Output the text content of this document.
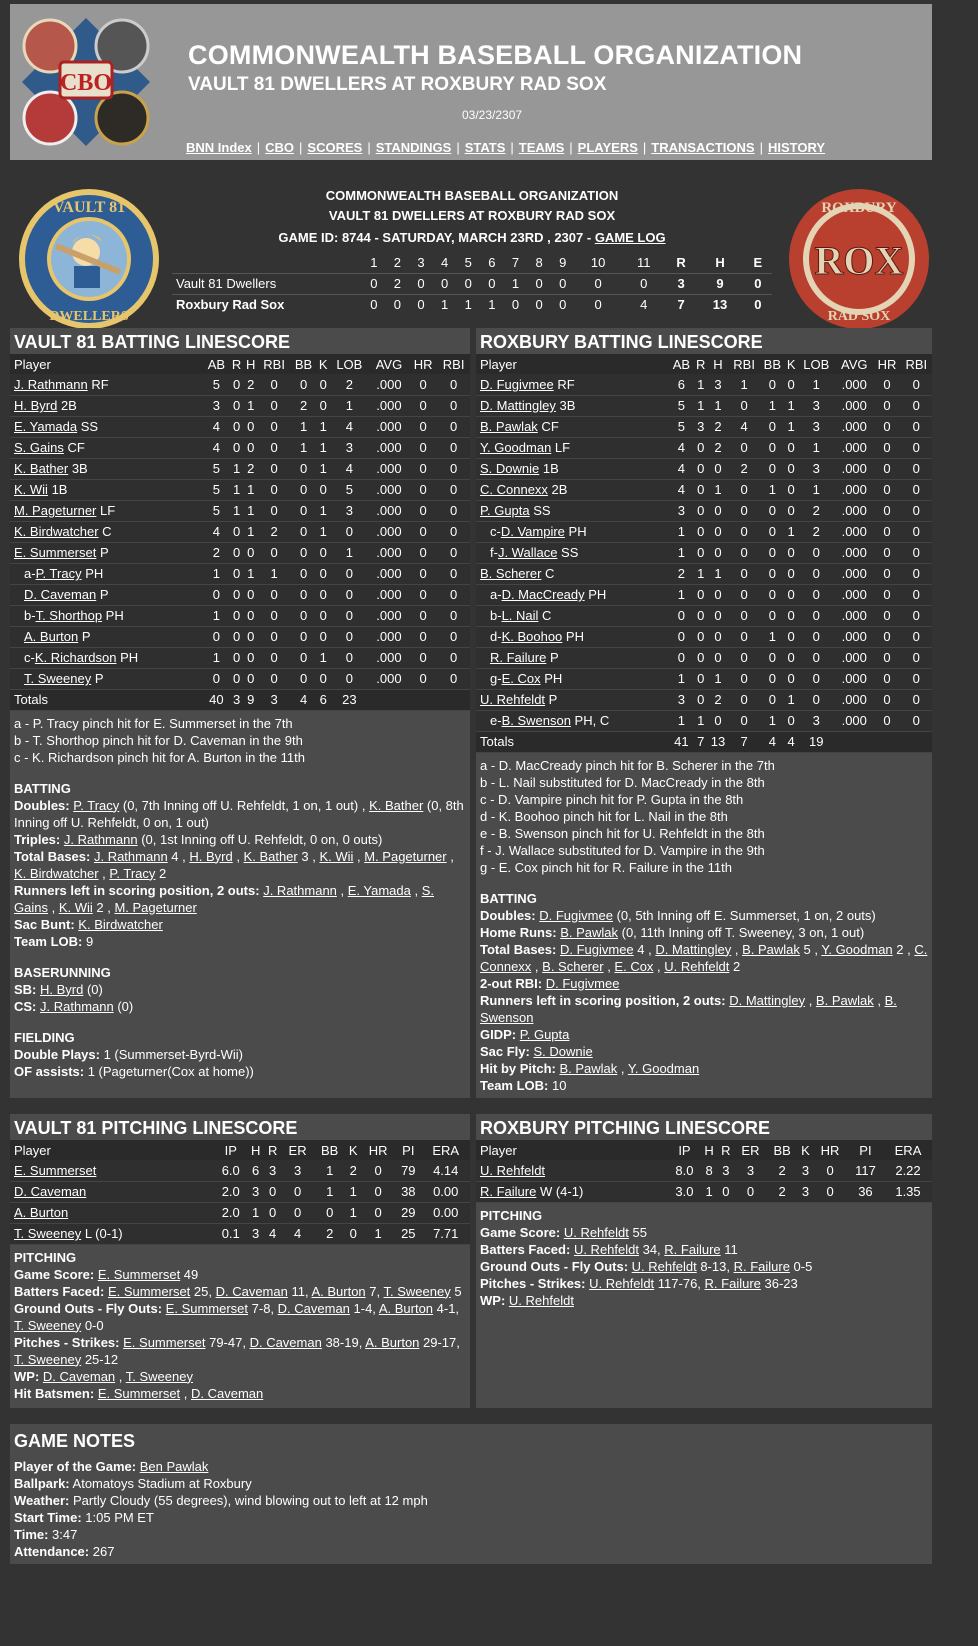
CBO
COMMONWEALTH BASEBALL ORGANIZATION
VAULT 81 DWELLERS AT ROXBURY RAD SOX
03/23/2307
BNN Index | CBO | SCORES | STANDINGS | STATS | TEAMS | PLAYERS | TRANSACTIONS | HISTORY
VAULT 81
DWELLERS
COMMONWEALTH BASEBALL ORGANIZATION
VAULT 81 DWELLERS AT ROXBURY RAD SOX
GAME ID: 8744 - SATURDAY, MARCH 23RD , 2307 - GAME LOG
	1	2	3	4	5	6	7	8	9	10	11	R	H	E
Vault 81 Dwellers	0	2	0	0	0	0	1	0	0	0	0	3	9	0
Roxbury Rad Sox	0	0	0	1	1	1	0	0	0	0	4	7	13	0
ROXBURY
ROX
RAD SOX
VAULT 81 BATTING LINESCORE
Player	AB	R	H	RBI	BB	K	LOB	AVG	HR	RBI
J. Rathmann RF	5	0	2	0	0	0	2	.000	0	0
H. Byrd 2B	3	0	1	0	2	0	1	.000	0	0
E. Yamada SS	4	0	0	0	1	1	4	.000	0	0
S. Gains CF	4	0	0	0	1	1	3	.000	0	0
K. Bather 3B	5	1	2	0	0	1	4	.000	0	0
K. Wii 1B	5	1	1	0	0	0	5	.000	0	0
M. Pageturner LF	5	1	1	0	0	1	3	.000	0	0
K. Birdwatcher C	4	0	1	2	0	1	0	.000	0	0
E. Summerset P	2	0	0	0	0	0	1	.000	0	0
a-P. Tracy PH	1	0	1	1	0	0	0	.000	0	0
D. Caveman P	0	0	0	0	0	0	0	.000	0	0
b-T. Shorthop PH	1	0	0	0	0	0	0	.000	0	0
A. Burton P	0	0	0	0	0	0	0	.000	0	0
c-K. Richardson PH	1	0	0	0	0	1	0	.000	0	0
T. Sweeney P	0	0	0	0	0	0	0	.000	0	0
Totals	40	3	9	3	4	6	23			
a - P. Tracy pinch hit for E. Summerset in the 7th
b - T. Shorthop pinch hit for D. Caveman in the 9th
c - K. Richardson pinch hit for A. Burton in the 11th
BATTING
Doubles: P. Tracy (0, 7th Inning off U. Rehfeldt, 1 on, 1 out) , K. Bather (0, 8th Inning off U. Rehfeldt, 0 on, 1 out)
Triples: J. Rathmann (0, 1st Inning off U. Rehfeldt, 0 on, 0 outs)
Total Bases: J. Rathmann 4 , H. Byrd , K. Bather 3 , K. Wii , M. Pageturner , K. Birdwatcher , P. Tracy 2
Runners left in scoring position, 2 outs: J. Rathmann , E. Yamada , S. Gains , K. Wii 2 , M. Pageturner
Sac Bunt: K. Birdwatcher
Team LOB: 9
BASERUNNING
SB: H. Byrd (0)
CS: J. Rathmann (0)
FIELDING
Double Plays: 1 (Summerset-Byrd-Wii)
OF assists: 1 (Pageturner(Cox at home))
ROXBURY BATTING LINESCORE
Player	AB	R	H	RBI	BB	K	LOB	AVG	HR	RBI
D. Fugivmee RF	6	1	3	1	0	0	1	.000	0	0
D. Mattingley 3B	5	1	1	0	1	1	3	.000	0	0
B. Pawlak CF	5	3	2	4	0	1	3	.000	0	0
Y. Goodman LF	4	0	2	0	0	0	1	.000	0	0
S. Downie 1B	4	0	0	2	0	0	3	.000	0	0
C. Connexx 2B	4	0	1	0	1	0	1	.000	0	0
P. Gupta SS	3	0	0	0	0	0	2	.000	0	0
c-D. Vampire PH	1	0	0	0	0	1	2	.000	0	0
f-J. Wallace SS	1	0	0	0	0	0	0	.000	0	0
B. Scherer C	2	1	1	0	0	0	0	.000	0	0
a-D. MacCready PH	1	0	0	0	0	0	0	.000	0	0
b-L. Nail C	0	0	0	0	0	0	0	.000	0	0
d-K. Boohoo PH	0	0	0	0	1	0	0	.000	0	0
R. Failure P	0	0	0	0	0	0	0	.000	0	0
g-E. Cox PH	1	0	1	0	0	0	0	.000	0	0
U. Rehfeldt P	3	0	2	0	0	1	0	.000	0	0
e-B. Swenson PH, C	1	1	0	0	1	0	3	.000	0	0
Totals	41	7	13	7	4	4	19			
a - D. MacCready pinch hit for B. Scherer in the 7th
b - L. Nail substituted for D. MacCready in the 8th
c - D. Vampire pinch hit for P. Gupta in the 8th
d - K. Boohoo pinch hit for L. Nail in the 8th
e - B. Swenson pinch hit for U. Rehfeldt in the 8th
f - J. Wallace substituted for D. Vampire in the 9th
g - E. Cox pinch hit for R. Failure in the 11th
BATTING
Doubles: D. Fugivmee (0, 5th Inning off E. Summerset, 1 on, 2 outs)
Home Runs: B. Pawlak (0, 11th Inning off T. Sweeney, 3 on, 1 out)
Total Bases: D. Fugivmee 4 , D. Mattingley , B. Pawlak 5 , Y. Goodman 2 , C. Connexx , B. Scherer , E. Cox , U. Rehfeldt 2
2-out RBI: D. Fugivmee
Runners left in scoring position, 2 outs: D. Mattingley , B. Pawlak , B. Swenson
GIDP: P. Gupta
Sac Fly: S. Downie
Hit by Pitch: B. Pawlak , Y. Goodman
Team LOB: 10
VAULT 81 PITCHING LINESCORE
Player	IP	H	R	ER	BB	K	HR	PI	ERA
E. Summerset	6.0	6	3	3	1	2	0	79	4.14
D. Caveman	2.0	3	0	0	1	1	0	38	0.00
A. Burton	2.0	1	0	0	0	1	0	29	0.00
T. Sweeney L (0-1)	0.1	3	4	4	2	0	1	25	7.71
PITCHING
Game Score: E. Summerset 49
Batters Faced: E. Summerset 25, D. Caveman 11, A. Burton 7, T. Sweeney 5
Ground Outs - Fly Outs: E. Summerset 7-8, D. Caveman 1-4, A. Burton 4-1, T. Sweeney 0-0
Pitches - Strikes: E. Summerset 79-47, D. Caveman 38-19, A. Burton 29-17, T. Sweeney 25-12
WP: D. Caveman , T. Sweeney
Hit Batsmen: E. Summerset , D. Caveman
ROXBURY PITCHING LINESCORE
Player	IP	H	R	ER	BB	K	HR	PI	ERA
U. Rehfeldt	8.0	8	3	3	2	3	0	117	2.22
R. Failure W (4-1)	3.0	1	0	0	2	3	0	36	1.35
PITCHING
Game Score: U. Rehfeldt 55
Batters Faced: U. Rehfeldt 34, R. Failure 11
Ground Outs - Fly Outs: U. Rehfeldt 8-13, R. Failure 0-5
Pitches - Strikes: U. Rehfeldt 117-76, R. Failure 36-23
WP: U. Rehfeldt
GAME NOTES
Player of the Game: Ben Pawlak
Ballpark: Atomatoys Stadium at Roxbury
Weather: Partly Cloudy (55 degrees), wind blowing out to left at 12 mph
Start Time: 1:05 PM ET
Time: 3:47
Attendance: 267
